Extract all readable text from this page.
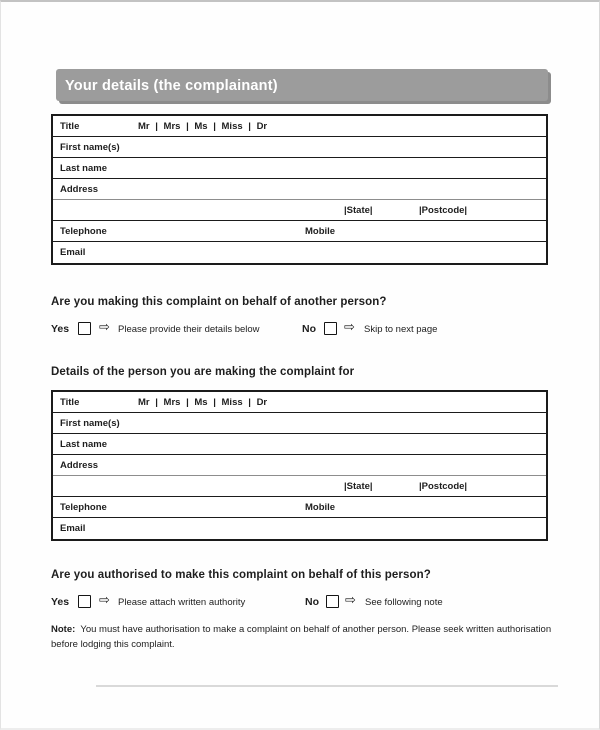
Your details (the complainant)
Title	Mr | Mrs | Ms | Miss | Dr
First name(s)
Last name
Address
|State|	|Postcode|
Telephone	Mobile
Email
Are you making this complaint on behalf of another person?
Yes ⇨ Please provide their details below	No ⇨ Skip to next page
Details of the person you are making the complaint for
Title	Mr | Mrs | Ms | Miss | Dr
First name(s)
Last name
Address
|State|	|Postcode|
Telephone	Mobile
Email
Are you authorised to make this complaint on behalf of this person?
Yes ⇨ Please attach written authority	No ⇨ See following note
Note: You must have authorisation to make a complaint on behalf of another person. Please seek written authorisation before lodging this complaint.
